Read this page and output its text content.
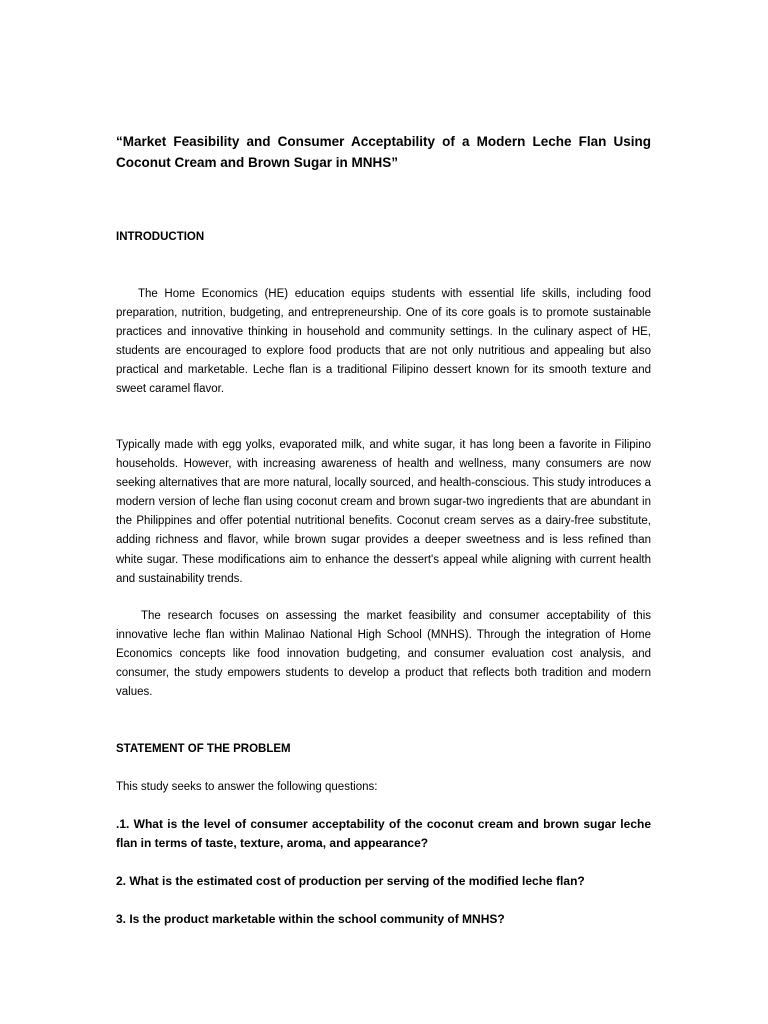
“Market Feasibility and Consumer Acceptability of a Modern Leche Flan Using Coconut Cream and Brown Sugar in MNHS”

INTRODUCTION

The Home Economics (HE) education equips students with essential life skills, including food preparation, nutrition, budgeting, and entrepreneurship. One of its core goals is to promote sustainable practices and innovative thinking in household and community settings. In the culinary aspect of HE, students are encouraged to explore food products that are not only nutritious and appealing but also practical and marketable. Leche flan is a traditional Filipino dessert known for its smooth texture and sweet caramel flavor.

Typically made with egg yolks, evaporated milk, and white sugar, it has long been a favorite in Filipino households. However, with increasing awareness of health and wellness, many consumers are now seeking alternatives that are more natural, locally sourced, and health-conscious. This study introduces a modern version of leche flan using coconut cream and brown sugar-two ingredients that are abundant in the Philippines and offer potential nutritional benefits. Coconut cream serves as a dairy-free substitute, adding richness and flavor, while brown sugar provides a deeper sweetness and is less refined than white sugar. These modifications aim to enhance the dessert's appeal while aligning with current health and sustainability trends.

The research focuses on assessing the market feasibility and consumer acceptability of this innovative leche flan within Malinao National High School (MNHS). Through the integration of Home Economics concepts like food innovation budgeting, and consumer evaluation cost analysis, and consumer, the study empowers students to develop a product that reflects both tradition and modern values.

STATEMENT OF THE PROBLEM

This study seeks to answer the following questions:

.1. What is the level of consumer acceptability of the coconut cream and brown sugar leche flan in terms of taste, texture, aroma, and appearance?

2. What is the estimated cost of production per serving of the modified leche flan?

3. Is the product marketable within the school community of MNHS?
